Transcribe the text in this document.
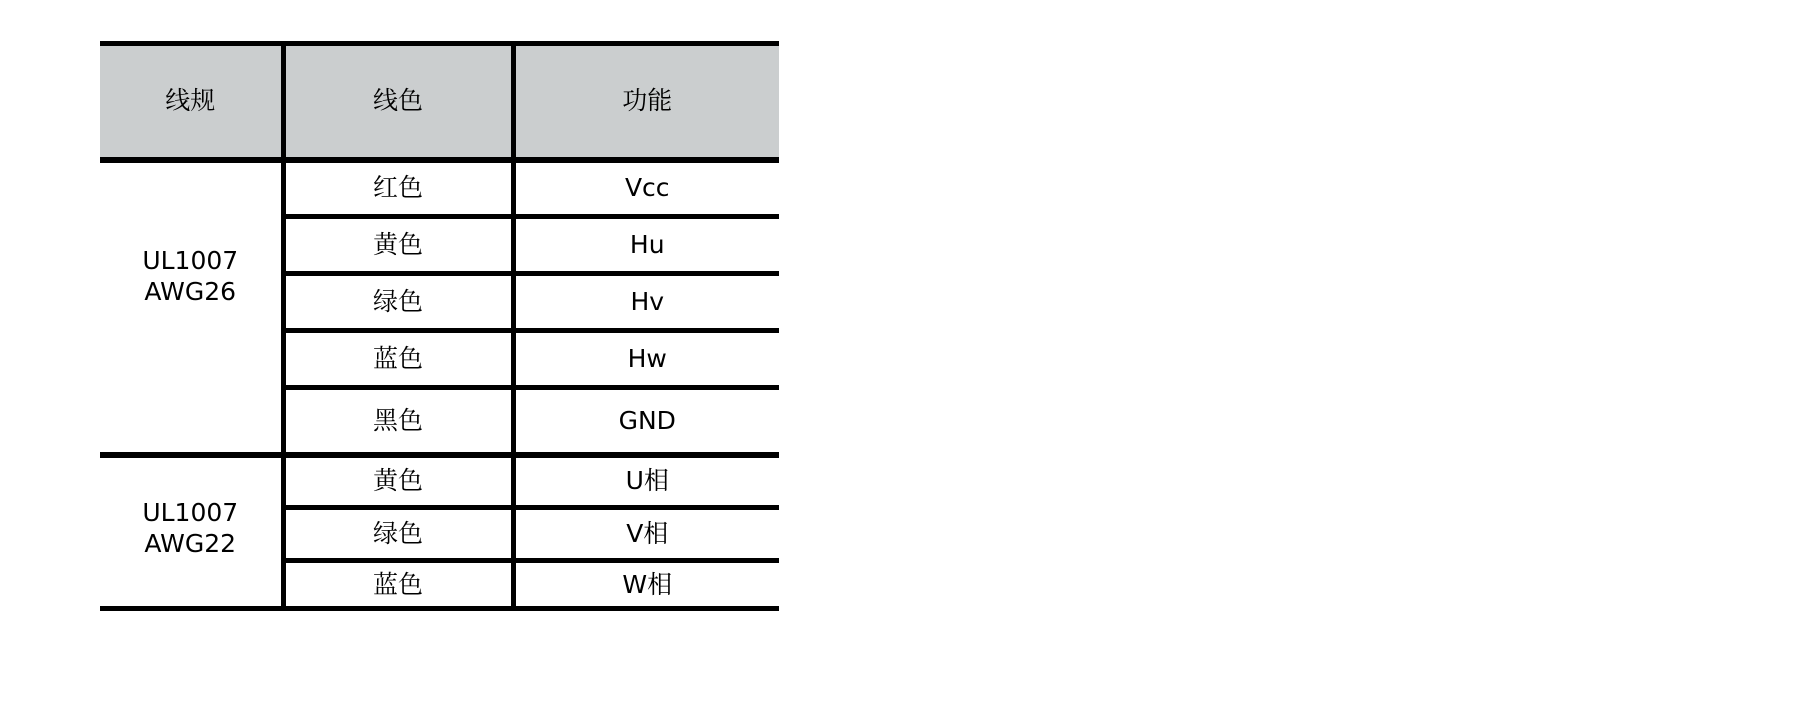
线规	线色	功能

UL1007
AWG26	红色	Vcc
	黄色	Hu
	绿色	Hv
	蓝色	Hw
	黑色	GND

UL1007
AWG22	黄色	U相
	绿色	V相
	蓝色	W相
